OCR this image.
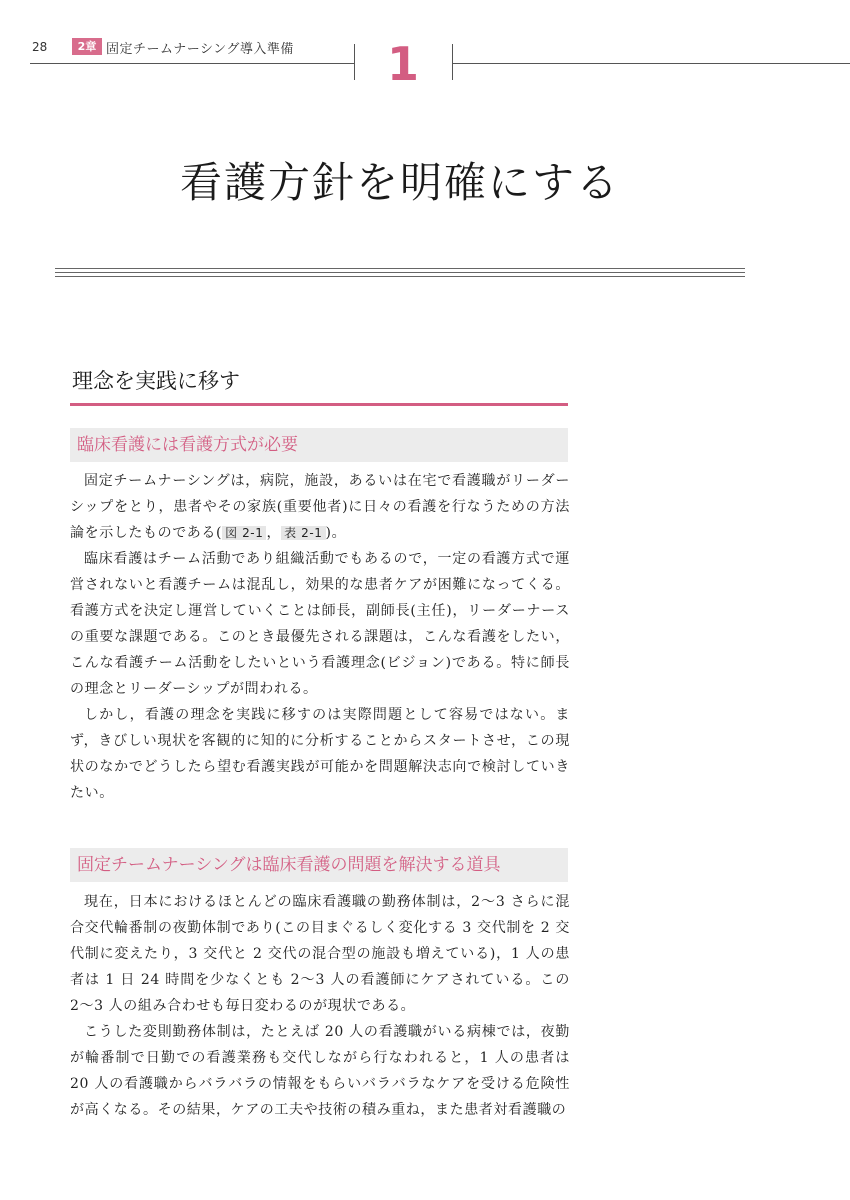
28	2章 固定チームナーシング導入準備	1
看護方針を明確にする
理念を実践に移す
臨床看護には看護方式が必要

固定チームナーシングは，病院，施設，あるいは在宅で看護職がリーダーシップをとり，患者やその家族(重要他者)に日々の看護を行なうための方法論を示したものである( 図 2-1 ， 表 2-1 )。

臨床看護はチーム活動であり組織活動でもあるので，一定の看護方式で運営されないと看護チームは混乱し，効果的な患者ケアが困難になってくる。看護方式を決定し運営していくことは師長，副師長(主任)，リーダーナースの重要な課題である。このとき最優先される課題は，こんな看護をしたい，こんな看護チーム活動をしたいという看護理念(ビジョン)である。特に師長の理念とリーダーシップが問われる。

しかし，看護の理念を実践に移すのは実際問題として容易ではない。まず，きびしい現状を客観的に知的に分析することからスタートさせ，この現状のなかでどうしたら望む看護実践が可能かを問題解決志向で検討していきたい。

固定チームナーシングは臨床看護の問題を解決する道具

現在，日本におけるほとんどの臨床看護職の勤務体制は，2〜3 さらに混合交代輪番制の夜勤体制であり(この目まぐるしく変化する 3 交代制を 2 交代制に変えたり，3 交代と 2 交代の混合型の施設も増えている)，1 人の患者は 1 日 24 時間を少なくとも 2〜3 人の看護師にケアされている。この 2〜3 人の組み合わせも毎日変わるのが現状である。

こうした変則勤務体制は，たとえば 20 人の看護職がいる病棟では，夜勤が輪番制で日勤での看護業務も交代しながら行なわれると，1 人の患者は 20 人の看護職からバラバラの情報をもらいバラバラなケアを受ける危険性が高くなる。その結果，ケアの工夫や技術の積み重ね，また患者対看護職の
